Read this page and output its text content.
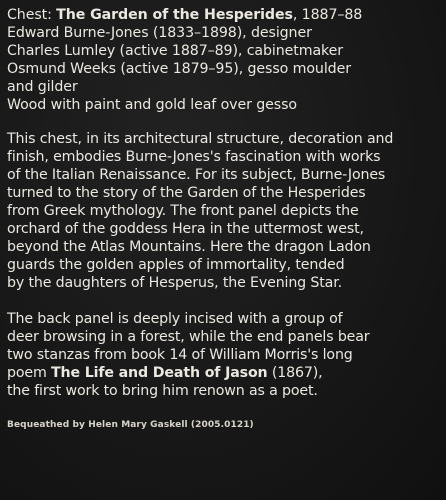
Chest: The Garden of the Hesperides, 1887–88
Edward Burne-Jones (1833–1898), designer
Charles Lumley (active 1887–89), cabinetmaker
Osmund Weeks (active 1879–95), gesso moulder
and gilder
Wood with paint and gold leaf over gesso
This chest, in its architectural structure, decoration and
finish, embodies Burne-Jones's fascination with works
of the Italian Renaissance. For its subject, Burne-Jones
turned to the story of the Garden of the Hesperides
from Greek mythology. The front panel depicts the
orchard of the goddess Hera in the uttermost west,
beyond the Atlas Mountains. Here the dragon Ladon
guards the golden apples of immortality, tended
by the daughters of Hesperus, the Evening Star.
The back panel is deeply incised with a group of
deer browsing in a forest, while the end panels bear
two stanzas from book 14 of William Morris's long
poem The Life and Death of Jason (1867),
the first work to bring him renown as a poet.
Bequeathed by Helen Mary Gaskell (2005.0121)
